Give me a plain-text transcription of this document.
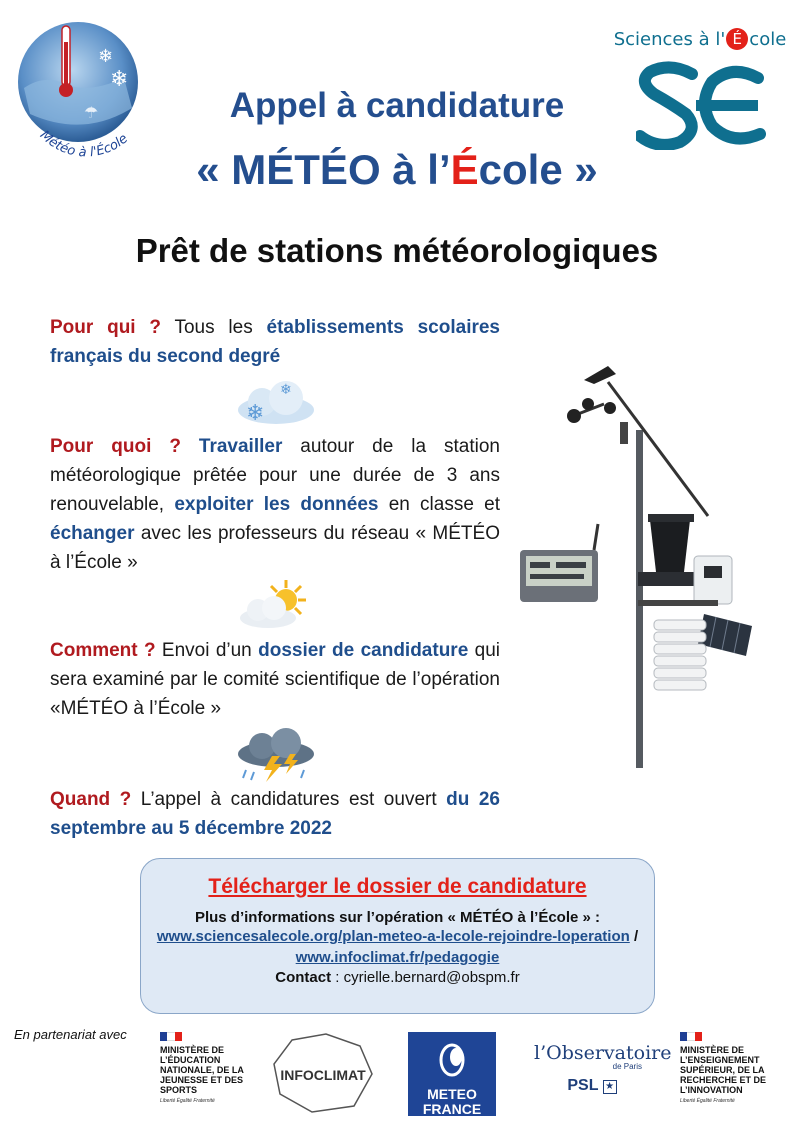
❄
❄
☂
Météo à l'École
Sciences à l' É cole
Appel à candidature
« MÉTÉO à l’École »
Prêt de stations météorologiques
Pour qui ? Tous les établissements scolaires français du second degré
❄
❄
Pour quoi ? Travailler autour de la station météorologique prêtée pour une durée de 3 ans renouvelable, exploiter les données en classe et échanger avec les professeurs du réseau « MÉTÉO à l’École »
Comment ? Envoi d’un dossier de candidature qui sera examiné par le comité scientifique de l’opération «MÉTÉO à l’École »
Quand ? L’appel à candidatures est ouvert du 26 septembre au 5 décembre 2022
Télécharger le dossier de candidature
Plus d’informations sur l’opération « MÉTÉO à l’École » :
www.sciencesalecole.org/plan-meteo-a-lecole-rejoindre-loperation / www.infoclimat.fr/pedagogie
Contact : cyrielle.bernard@obspm.fr
En partenariat avec
MINISTÈRE DE L’ÉDUCATION NATIONALE, DE LA JEUNESSE ET DES SPORTS
Liberté Égalité Fraternité
INFOCLIMAT
METEO
FRANCE
l’Observatoire
de Paris
PSL ★
MINISTÈRE DE L’ENSEIGNEMENT SUPÉRIEUR, DE LA RECHERCHE ET DE L’INNOVATION
Liberté Égalité Fraternité
